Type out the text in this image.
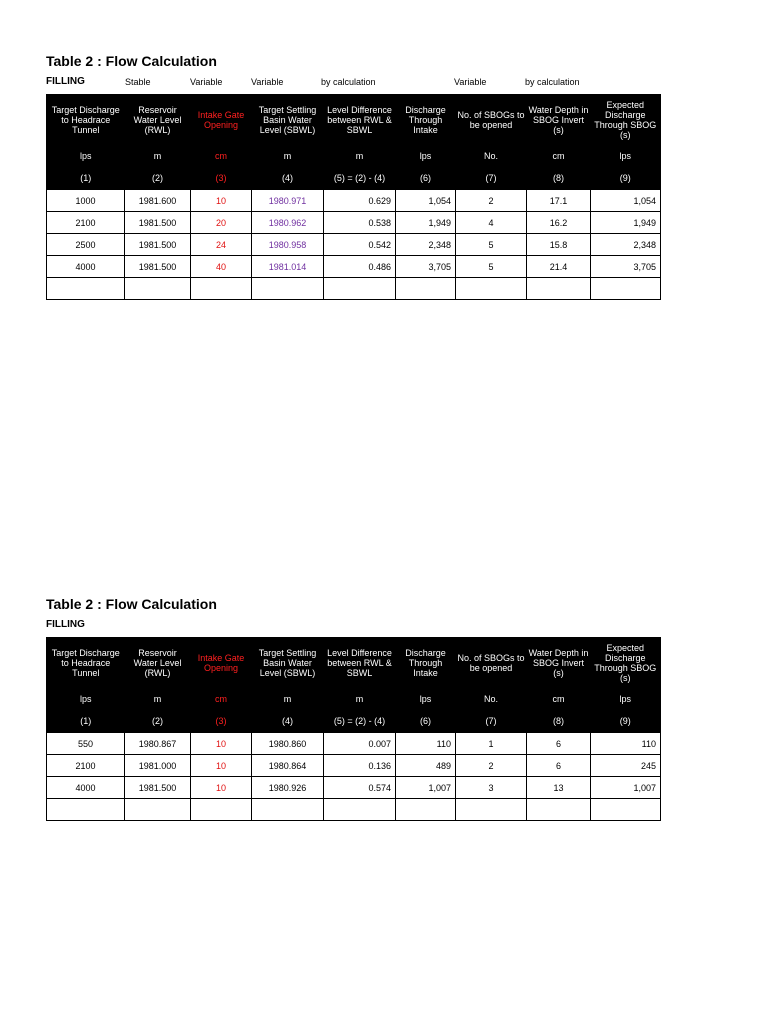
Table 2 : Flow Calculation
FILLING	Stable	Variable	Variable	by calculation	Variable	by calculation
Target Discharge to Headrace Tunnel	Reservoir Water Level (RWL)	Intake Gate Opening	Target Settling Basin Water Level (SBWL)	Level Difference between RWL & SBWL	Discharge Through Intake	No. of SBOGs to be opened	Water Depth in SBOG Invert (s)	Expected Discharge Through SBOG (s)
lps	m	cm	m	m	lps	No.	cm	lps
(1)	(2)	(3)	(4)	(5) = (2) - (4)	(6)	(7)	(8)	(9)
1000	1981.600	10	1980.971	0.629	1,054	2	17.1	1,054
2100	1981.500	20	1980.962	0.538	1,949	4	16.2	1,949
2500	1981.500	24	1980.958	0.542	2,348	5	15.8	2,348
4000	1981.500	40	1981.014	0.486	3,705	5	21.4	3,705

Table 2 : Flow Calculation
FILLING
Target Discharge to Headrace Tunnel	Reservoir Water Level (RWL)	Intake Gate Opening	Target Settling Basin Water Level (SBWL)	Level Difference between RWL & SBWL	Discharge Through Intake	No. of SBOGs to be opened	Water Depth in SBOG Invert (s)	Expected Discharge Through SBOG (s)
lps	m	cm	m	m	lps	No.	cm	lps
(1)	(2)	(3)	(4)	(5) = (2) - (4)	(6)	(7)	(8)	(9)
550	1980.867	10	1980.860	0.007	110	1	6	110
2100	1981.000	10	1980.864	0.136	489	2	6	245
4000	1981.500	10	1980.926	0.574	1,007	3	13	1,007
